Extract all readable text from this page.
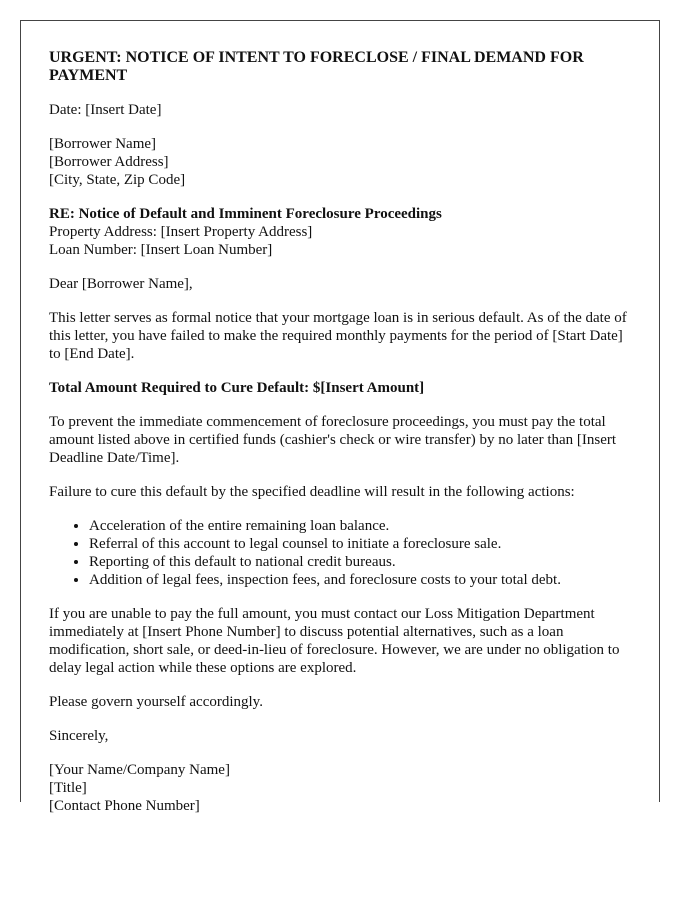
URGENT: NOTICE OF INTENT TO FORECLOSE / FINAL DEMAND FOR PAYMENT

Date: [Insert Date]

[Borrower Name]
[Borrower Address]
[City, State, Zip Code]
RE: Notice of Default and Imminent Foreclosure Proceedings
Property Address: [Insert Property Address]
Loan Number: [Insert Loan Number]

Dear [Borrower Name],

This letter serves as formal notice that your mortgage loan is in serious default. As of the date of this letter, you have failed to make the required monthly payments for the period of [Start Date] to [End Date].

Total Amount Required to Cure Default: $[Insert Amount]

To prevent the immediate commencement of foreclosure proceedings, you must pay the total amount listed above in certified funds (cashier's check or wire transfer) by no later than [Insert Deadline Date/Time].

Failure to cure this default by the specified deadline will result in the following actions:

• Acceleration of the entire remaining loan balance.
• Referral of this account to legal counsel to initiate a foreclosure sale.
• Reporting of this default to national credit bureaus.
• Addition of legal fees, inspection fees, and foreclosure costs to your total debt.

If you are unable to pay the full amount, you must contact our Loss Mitigation Department immediately at [Insert Phone Number] to discuss potential alternatives, such as a loan modification, short sale, or deed-in-lieu of foreclosure. However, we are under no obligation to delay legal action while these options are explored.

Please govern yourself accordingly.

Sincerely,

[Your Name/Company Name]
[Title]
[Contact Phone Number]
